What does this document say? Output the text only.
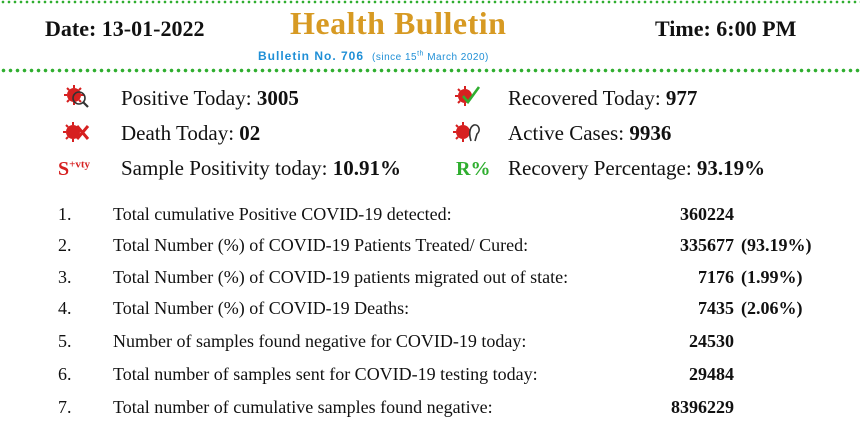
Date: 13-01-2022	Health Bulletin	Time: 6:00 PM
Bulletin No. 706 (since 15th March 2020)
Positive Today: 3005	Recovered Today: 977
Death Today: 02	Active Cases: 9936
$S^{+vty}$ Sample Positivity today: 10.91%	R% Recovery Percentage: 93.19%
1. Total cumulative Positive COVID-19 detected:	360224
2. Total Number (%) of COVID-19 Patients Treated/ Cured:	335677 (93.19%)
3. Total Number (%) of COVID-19 patients migrated out of state:	7176 (1.99%)
4. Total Number (%) of COVID-19 Deaths:	7435 (2.06%)
5. Number of samples found negative for COVID-19 today:	24530
6. Total number of samples sent for COVID-19 testing today:	29484
7. Total number of cumulative samples found negative:	8396229
